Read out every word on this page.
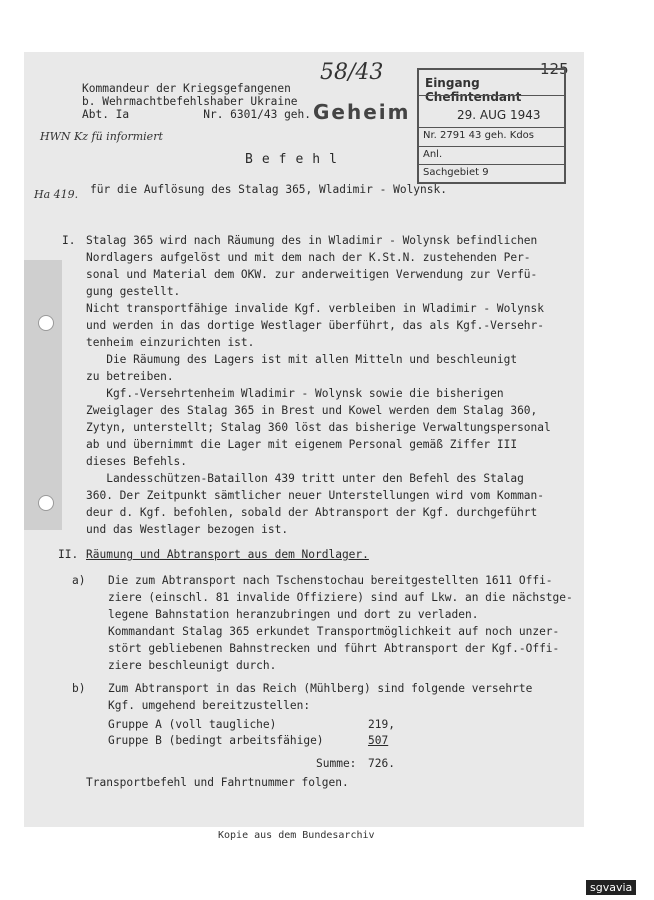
Kommandeur der Kriegsgefangenen
b. Wehrmachtbefehlshaber Ukraine
Abt. Ia           Nr. 6301/43 geh.
58/43	125
Geheim
HWN Kz fü informiert
Ha 419.
Eingang Chefintendant
29. AUG 1943
Nr. 2791 43 geh. Kdos
Anl.
Sachgebiet 9
Befehl
für die Auflösung des Stalag 365, Wladimir - Wolynsk.
I. Stalag 365 wird nach Räumung des in Wladimir - Wolynsk befindlichen
Nordlagers aufgelöst und mit dem nach der K.St.N. zustehenden Per-
sonal und Material dem OKW. zur anderweitigen Verwendung zur Verfü-
gung gestellt.
Nicht transportfähige invalide Kgf. verbleiben in Wladimir - Wolynsk
und werden in das dortige Westlager überführt, das als Kgf.-Versehr-
tenheim einzurichten ist.
Die Räumung des Lagers ist mit allen Mitteln und beschleunigt
zu betreiben.
Kgf.-Versehrtenheim Wladimir - Wolynsk sowie die bisherigen
Zweiglager des Stalag 365 in Brest und Kowel werden dem Stalag 360,
Zytyn, unterstellt; Stalag 360 löst das bisherige Verwaltungspersonal
ab und übernimmt die Lager mit eigenem Personal gemäß Ziffer III
dieses Befehls.
Landesschützen-Bataillon 439 tritt unter den Befehl des Stalag
360. Der Zeitpunkt sämtlicher neuer Unterstellungen wird vom Komman-
deur d. Kgf. befohlen, sobald der Abtransport der Kgf. durchgeführt
und das Westlager bezogen ist.
II. Räumung und Abtransport aus dem Nordlager.
a) Die zum Abtransport nach Tschenstochau bereitgestellten 1611 Offi-
ziere (einschl. 81 invalide Offiziere) sind auf Lkw. an die nächstge-
legene Bahnstation heranzubringen und dort zu verladen.
Kommandant Stalag 365 erkundet Transportmöglichkeit auf noch unzer-
stört gebliebenen Bahnstrecken und führt Abtransport der Kgf.-Offi-
ziere beschleunigt durch.
b) Zum Abtransport in das Reich (Mühlberg) sind folgende versehrte
Kgf. umgehend bereitzustellen:
Gruppe A (voll taugliche)	219,
Gruppe B (bedingt arbeitsfähige)	507
Summe: 726.
Transportbefehl und Fahrtnummer folgen.
Kopie aus dem Bundesarchiv
sgvavia
